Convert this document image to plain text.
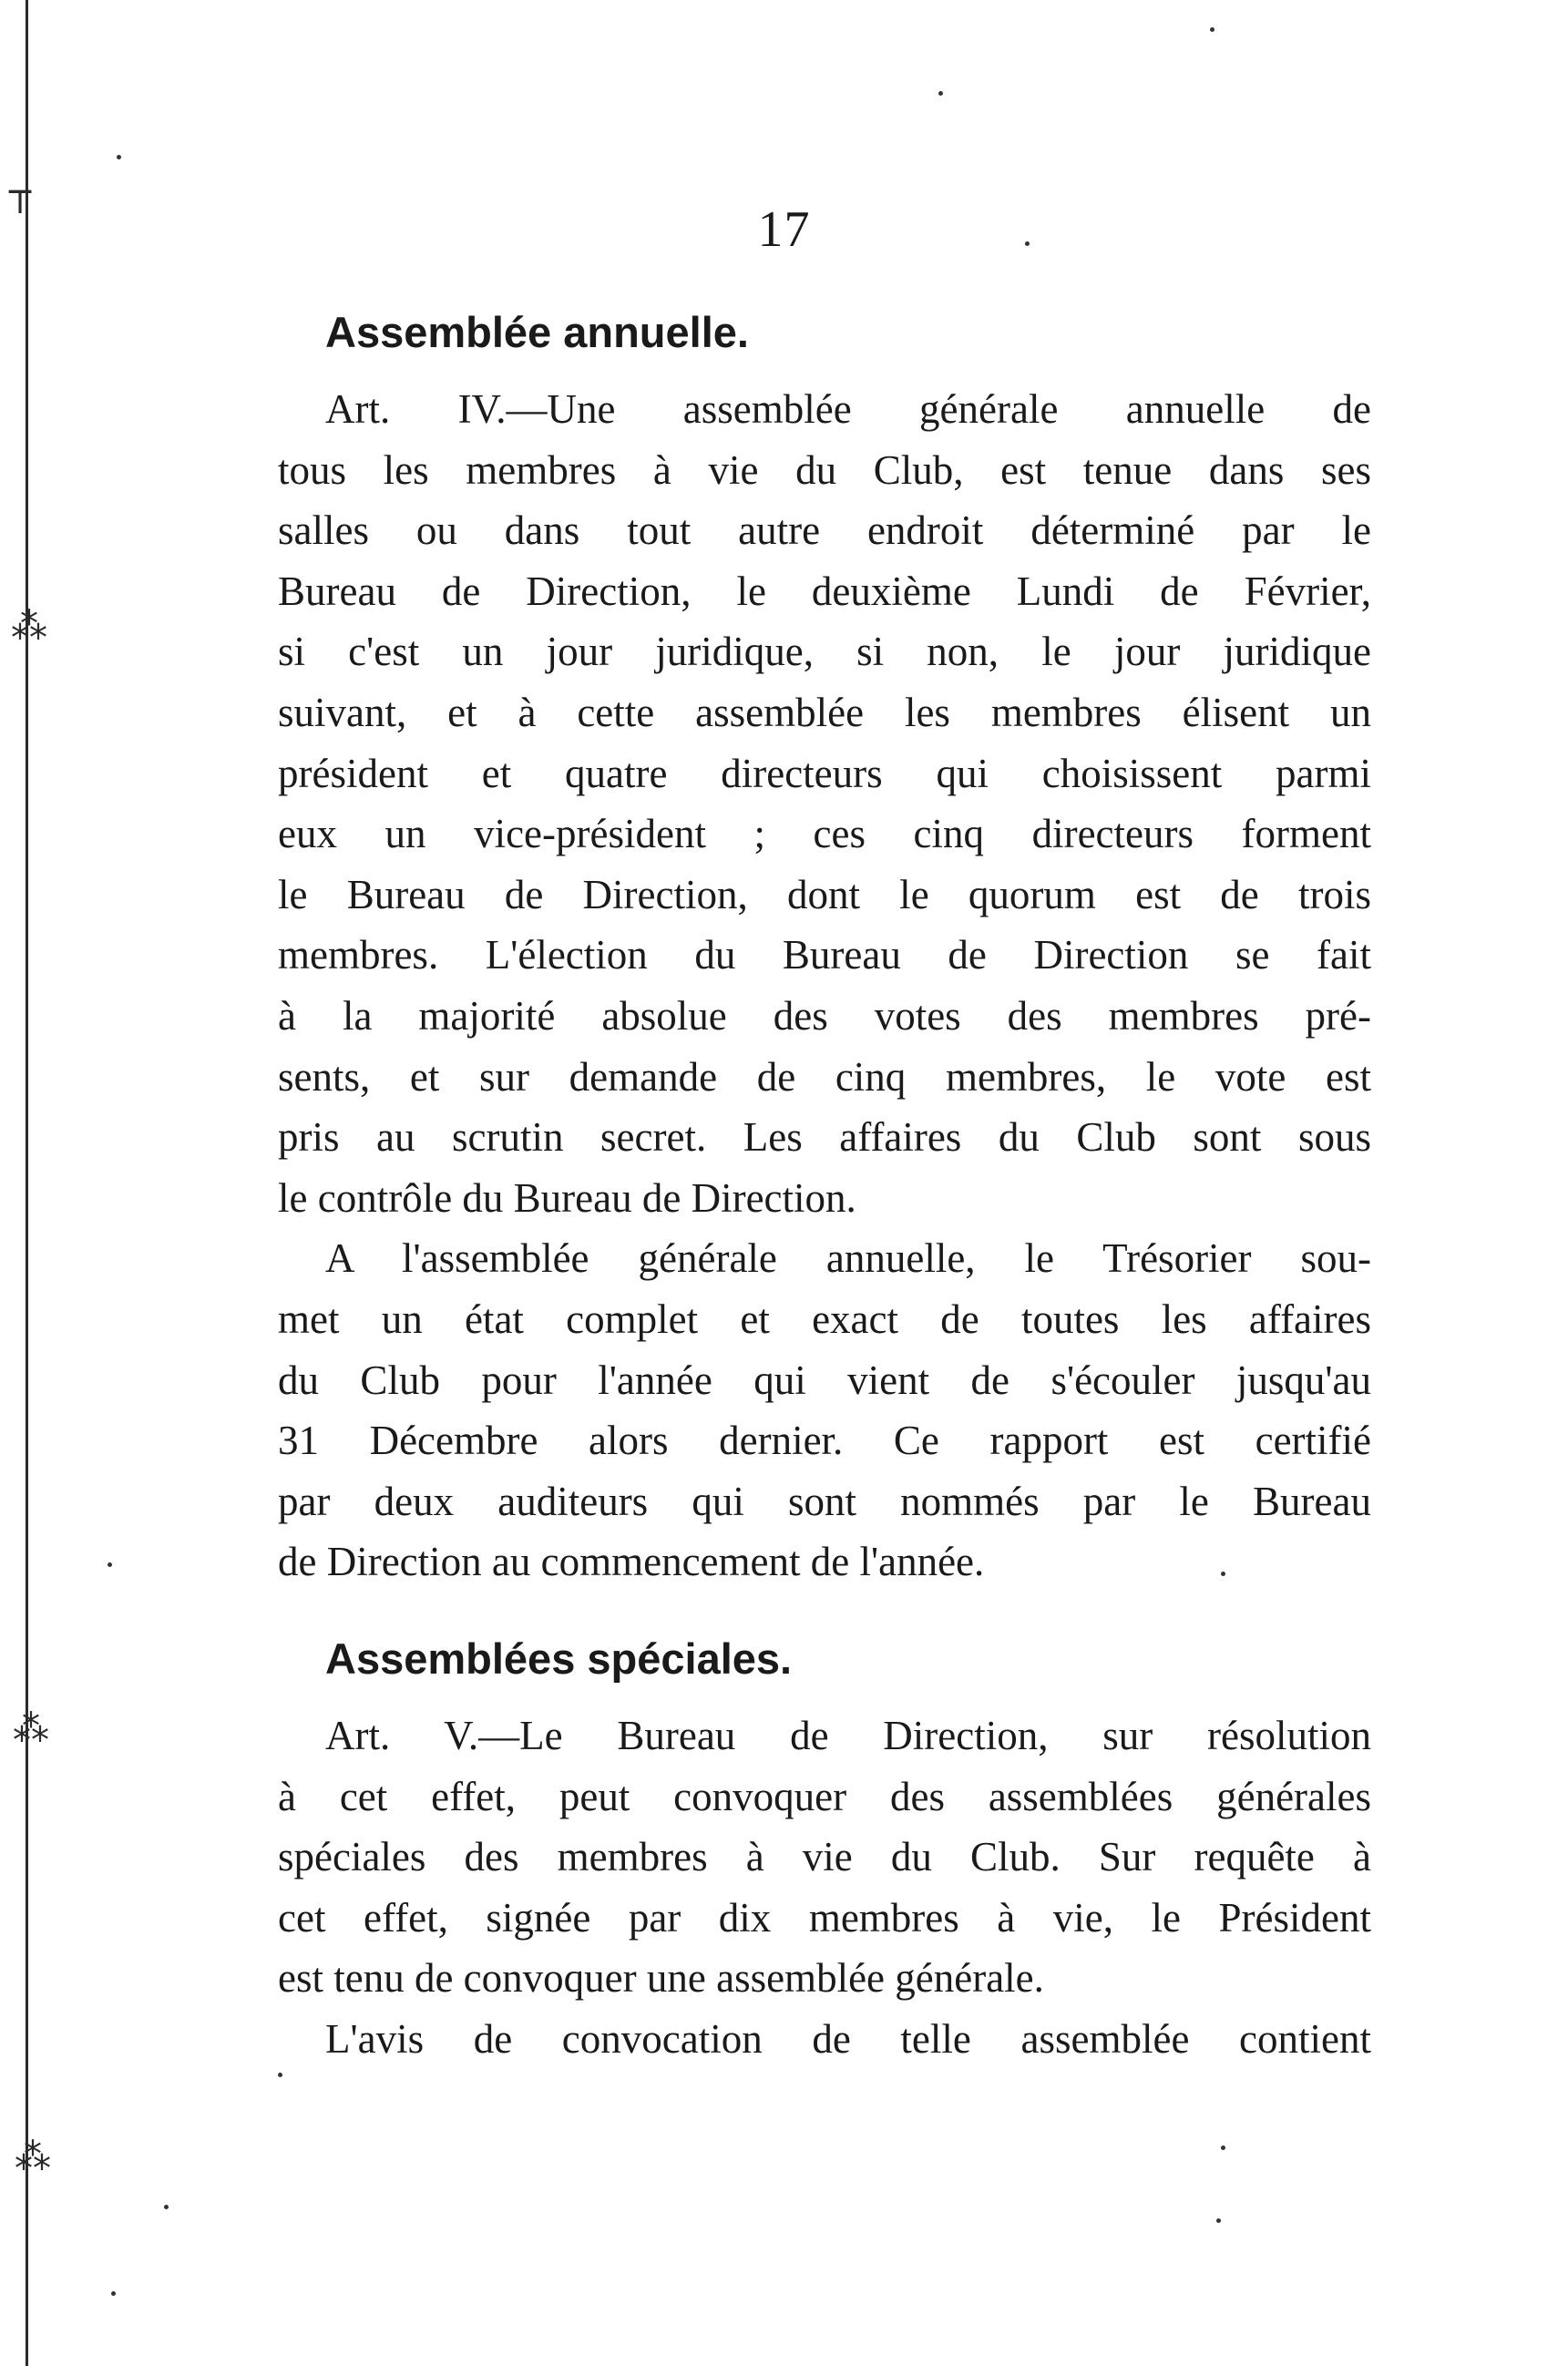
┬
⁂
⁂
⁂
17
Assemblée annuelle.
Art. IV.—Une assemblée générale annuelle de
tous les membres à vie du Club, est tenue dans ses
salles ou dans tout autre endroit déterminé par le
Bureau de Direction, le deuxième Lundi de Février,
si c'est un jour juridique, si non, le jour juridique
suivant, et à cette assemblée les membres élisent un
président et quatre directeurs qui choisissent parmi
eux un vice-président ; ces cinq directeurs forment
le Bureau de Direction, dont le quorum est de trois
membres. L'élection du Bureau de Direction se fait
à la majorité absolue des votes des membres pré-
sents, et sur demande de cinq membres, le vote est
pris au scrutin secret. Les affaires du Club sont sous
le contrôle du Bureau de Direction.
A l'assemblée générale annuelle, le Trésorier sou-
met un état complet et exact de toutes les affaires
du Club pour l'année qui vient de s'écouler jusqu'au
31 Décembre alors dernier. Ce rapport est certifié
par deux auditeurs qui sont nommés par le Bureau
de Direction au commencement de l'année.
Assemblées spéciales.
Art. V.—Le Bureau de Direction, sur résolution
à cet effet, peut convoquer des assemblées générales
spéciales des membres à vie du Club. Sur requête à
cet effet, signée par dix membres à vie, le Président
est tenu de convoquer une assemblée générale.
L'avis de convocation de telle assemblée contient
